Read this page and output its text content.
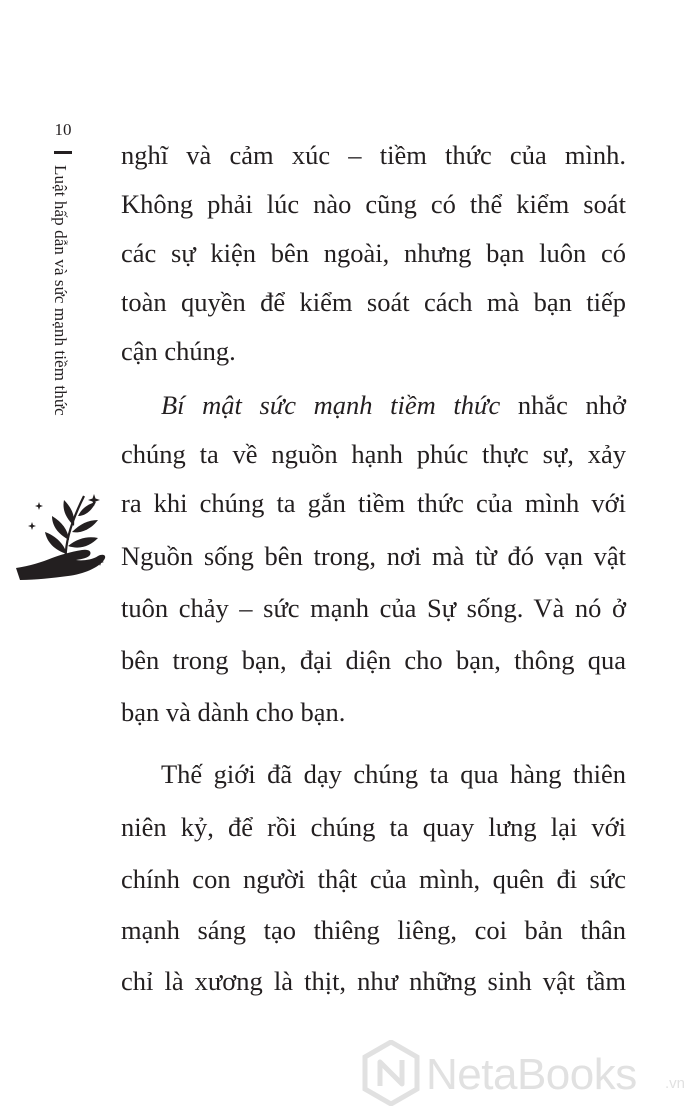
10
Luật hấp dẫn và sức mạnh tiềm thức
nghĩ và cảm xúc – tiềm thức của mình.
Không phải lúc nào cũng có thể kiểm soát
các sự kiện bên ngoài, nhưng bạn luôn có
toàn quyền để kiểm soát cách mà bạn tiếp
cận chúng.
Bí mật sức mạnh tiềm thức nhắc nhở
chúng ta về nguồn hạnh phúc thực sự, xảy
ra khi chúng ta gắn tiềm thức của mình với
Nguồn sống bên trong, nơi mà từ đó vạn vật
tuôn chảy – sức mạnh của Sự sống. Và nó ở
bên trong bạn, đại diện cho bạn, thông qua
bạn và dành cho bạn.
Thế giới đã dạy chúng ta qua hàng thiên
niên kỷ, để rồi chúng ta quay lưng lại với
chính con người thật của mình, quên đi sức
mạnh sáng tạo thiêng liêng, coi bản thân
chỉ là xương là thịt, như những sinh vật tầm
NetaBooks .vn
